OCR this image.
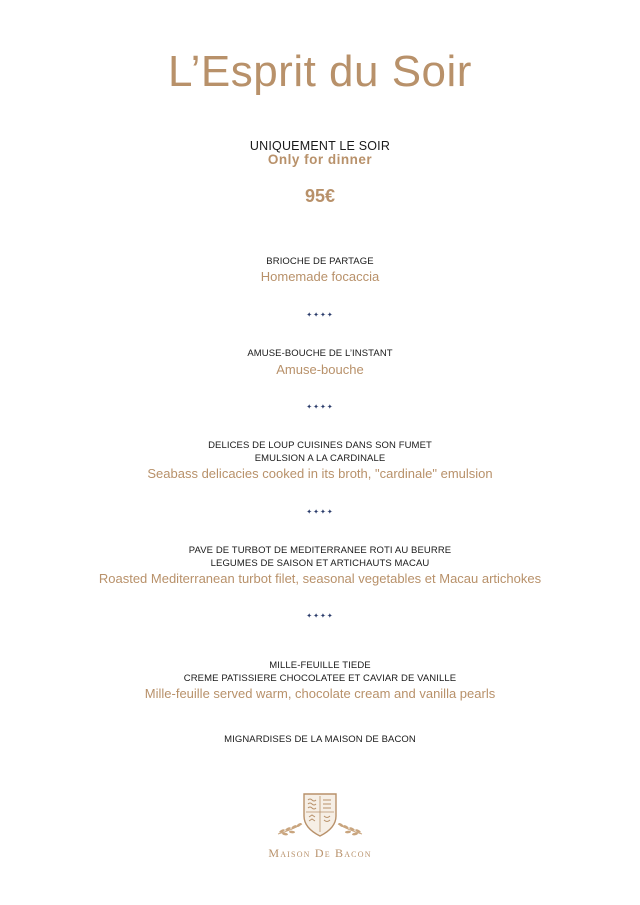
L’Esprit du Soir

UNIQUEMENT LE SOIR

Only for dinner

95€

BRIOCHE DE PARTAGE

Homemade focaccia

✦✦✦✦

AMUSE-BOUCHE DE L’INSTANT

Amuse-bouche

✦✦✦✦

DELICES DE LOUP CUISINES DANS SON FUMET

EMULSION A LA CARDINALE

Seabass delicacies cooked in its broth, "cardinale" emulsion

✦✦✦✦

PAVE DE TURBOT DE MEDITERRANEE ROTI AU BEURRE

LEGUMES DE SAISON ET ARTICHAUTS MACAU

Roasted Mediterranean turbot filet, seasonal vegetables et Macau artichokes

✦✦✦✦

MILLE-FEUILLE TIEDE

CREME PATISSIERE CHOCOLATEE ET CAVIAR DE VANILLE

Mille-feuille served warm, chocolate cream and vanilla pearls

MIGNARDISES DE LA MAISON DE BACON

Maison De Bacon
